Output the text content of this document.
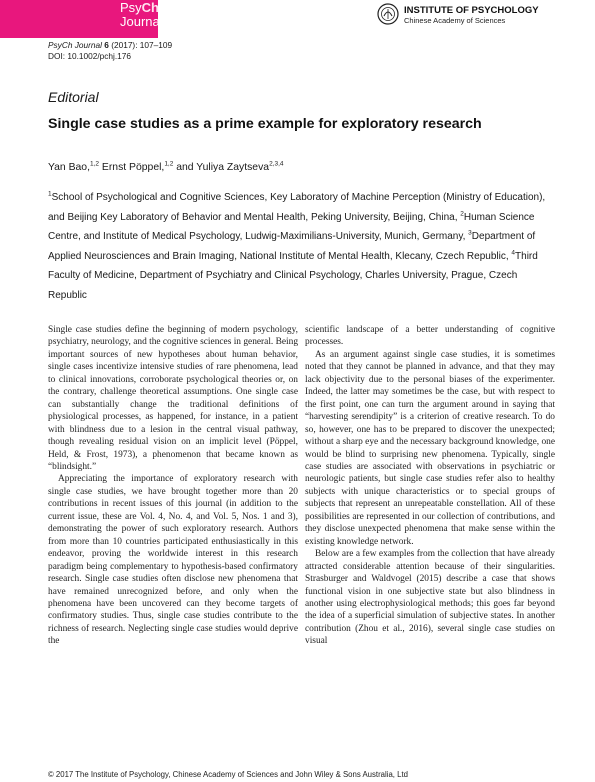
PsyCh
Journal
INSTITUTE OF PSYCHOLOGY
Chinese Academy of Sciences
PsyCh Journal 6 (2017): 107–109
DOI: 10.1002/pchj.176
Editorial
Single case studies as a prime example for exploratory research
Yan Bao,$^{1,2}$ Ernst Pöppel,$^{1,2}$ and Yuliya Zaytseva$^{2,3,4}$
$^1$School of Psychological and Cognitive Sciences, Key Laboratory of Machine Perception (Ministry of Education), and Beijing Key Laboratory of Behavior and Mental Health, Peking University, Beijing, China, $^2$Human Science Centre, and Institute of Medical Psychology, Ludwig-Maximilians-University, Munich, Germany, $^3$Department of Applied Neurosciences and Brain Imaging, National Institute of Mental Health, Klecany, Czech Republic, $^4$Third Faculty of Medicine, Department of Psychiatry and Clinical Psychology, Charles University, Prague, Czech Republic

Single case studies define the beginning of modern psychology, psychiatry, neurology, and the cognitive sciences in general. Being important sources of new hypotheses about human behavior, single cases incentivize intensive studies of rare phenomena, lead to clinical innovations, corroborate psychological theories or, on the contrary, challenge theoretical assumptions. One single case can substantially change the traditional definitions of physiological processes, as happened, for instance, in a patient with blindness due to a lesion in the central visual pathway, though revealing residual vision on an implicit level (Pöppel, Held, & Frost, 1973), a phenomenon that became known as “blindsight.”

Appreciating the importance of exploratory research with single case studies, we have brought together more than 20 contributions in recent issues of this journal (in addition to the current issue, these are Vol. 4, No. 4, and Vol. 5, Nos. 1 and 3), demonstrating the power of such exploratory research. Authors from more than 10 countries participated enthusiastically in this endeavor, proving the worldwide interest in this research paradigm being complementary to hypothesis-based confirmatory research. Single case studies often disclose new phenomena that have remained unrecognized before, and only when the phenomena have been uncovered can they become targets of confirmatory studies. Thus, single case studies contribute to the richness of research. Neglecting single case studies would deprive the

scientific landscape of a better understanding of cognitive processes.

As an argument against single case studies, it is sometimes noted that they cannot be planned in advance, and that they may lack objectivity due to the personal biases of the experimenter. Indeed, the latter may sometimes be the case, but with respect to the first point, one can turn the argument around in saying that “harvesting serendipity” is a criterion of creative research. To do so, however, one has to be prepared to discover the unexpected; without a sharp eye and the necessary background knowledge, one would be blind to surprising new phenomena. Typically, single case studies are associated with observations in psychiatric or neurologic patients, but single case studies refer also to healthy subjects with unique characteristics or to special groups of subjects that represent an unrepeatable constellation. All of these possibilities are represented in our collection of contributions, and they disclose unexpected phenomena that make sense within the existing knowledge network.

Below are a few examples from the collection that have already attracted considerable attention because of their singularities. Strasburger and Waldvogel (2015) describe a case that shows functional vision in one subjective state but also blindness in another using electrophysiological methods; this goes far beyond the idea of a superficial simulation of subjective states. In another contribution (Zhou et al., 2016), several single case studies on visual

© 2017 The Institute of Psychology, Chinese Academy of Sciences and John Wiley & Sons Australia, Ltd
